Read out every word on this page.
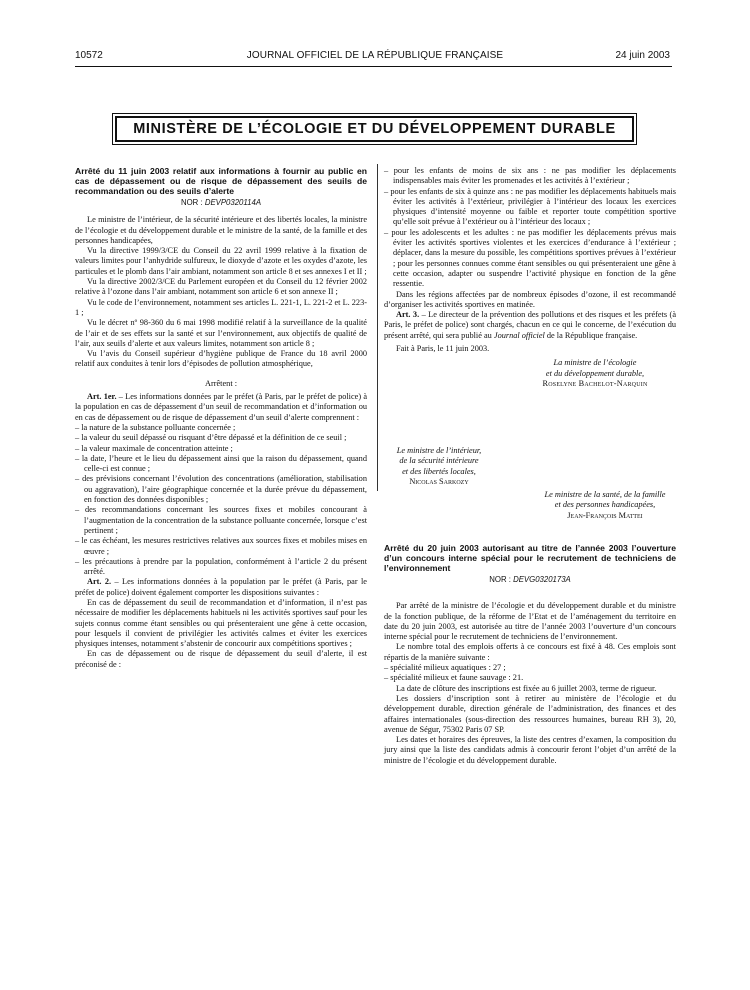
10572	JOURNAL OFFICIEL DE LA RÉPUBLIQUE FRANÇAISE	24 juin 2003
MINISTÈRE DE L’ÉCOLOGIE ET DU DÉVELOPPEMENT DURABLE
Arrêté du 11 juin 2003 relatif aux informations à fournir au public en cas de dépassement ou de risque de dépassement des seuils de recommandation ou des seuils d’alerte
NOR : DEVP0320114A

Le ministre de l’intérieur, de la sécurité intérieure et des libertés locales, la ministre de l’écologie et du développement durable et le ministre de la santé, de la famille et des personnes handicapées,

Vu la directive 1999/3/CE du Conseil du 22 avril 1999 relative à la fixation de valeurs limites pour l’anhydride sulfureux, le dioxyde d’azote et les oxydes d’azote, les particules et le plomb dans l’air ambiant, notamment son article 8 et ses annexes I et II ;

Vu la directive 2002/3/CE du Parlement européen et du Conseil du 12 février 2002 relative à l’ozone dans l’air ambiant, notamment son article 6 et son annexe II ;

Vu le code de l’environnement, notamment ses articles L. 221-1, L. 221-2 et L. 223-1 ;

Vu le décret nº 98-360 du 6 mai 1998 modifié relatif à la surveillance de la qualité de l’air et de ses effets sur la santé et sur l’environnement, aux objectifs de qualité de l’air, aux seuils d’alerte et aux valeurs limites, notamment son article 8 ;

Vu l’avis du Conseil supérieur d’hygiène publique de France du 18 avril 2000 relatif aux conduites à tenir lors d’épisodes de pollution atmosphérique,

Arrêtent :

Art. 1er. – Les informations données par le préfet (à Paris, par le préfet de police) à la population en cas de dépassement d’un seuil de recommandation et d’information ou en cas de dépassement ou de risque de dépassement d’un seuil d’alerte comprennent :

– la nature de la substance polluante concernée ;
– la valeur du seuil dépassé ou risquant d’être dépassé et la définition de ce seuil ;
– la valeur maximale de concentration atteinte ;
– la date, l’heure et le lieu du dépassement ainsi que la raison du dépassement, quand celle-ci est connue ;
– des prévisions concernant l’évolution des concentrations (amélioration, stabilisation ou aggravation), l’aire géographique concernée et la durée prévue du dépassement, en fonction des données disponibles ;
– des recommandations concernant les sources fixes et mobiles concourant à l’augmentation de la concentration de la substance polluante concernée, lorsque c’est pertinent ;
– le cas échéant, les mesures restrictives relatives aux sources fixes et mobiles mises en œuvre ;
– les précautions à prendre par la population, conformément à l’article 2 du présent arrêté.

Art. 2. – Les informations données à la population par le préfet (à Paris, par le préfet de police) doivent également comporter les dispositions suivantes :

En cas de dépassement du seuil de recommandation et d’information, il n’est pas nécessaire de modifier les déplacements habituels ni les activités sportives sauf pour les sujets connus comme étant sensibles ou qui présenteraient une gêne à cette occasion, pour lesquels il convient de privilégier les activités calmes et éviter les exercices physiques intenses, notamment s’abstenir de concourir aux compétitions sportives ;

En cas de dépassement ou de risque de dépassement du seuil d’alerte, il est préconisé de :

– pour les enfants de moins de six ans : ne pas modifier les déplacements indispensables mais éviter les promenades et les activités à l’extérieur ;
– pour les enfants de six à quinze ans : ne pas modifier les déplacements habituels mais éviter les activités à l’extérieur, privilégier à l’intérieur des locaux les exercices physiques d’intensité moyenne ou faible et reporter toute compétition sportive qu’elle soit prévue à l’extérieur ou à l’intérieur des locaux ;
– pour les adolescents et les adultes : ne pas modifier les déplacements prévus mais éviter les activités sportives violentes et les exercices d’endurance à l’extérieur ; déplacer, dans la mesure du possible, les compétitions sportives prévues à l’extérieur ; pour les personnes connues comme étant sensibles ou qui présenteraient une gêne à cette occasion, adapter ou suspendre l’activité physique en fonction de la gêne ressentie.

Dans les régions affectées par de nombreux épisodes d’ozone, il est recommandé d’organiser les activités sportives en matinée.

Art. 3. – Le directeur de la prévention des pollutions et des risques et les préfets (à Paris, le préfet de police) sont chargés, chacun en ce qui le concerne, de l’exécution du présent arrêté, qui sera publié au Journal officiel de la République française.

Fait à Paris, le 11 juin 2003.

La ministre de l’écologie
et du développement durable,
Roselyne Bachelot-Narquin
Le ministre de l’intérieur,
de la sécurité intérieure
et des libertés locales,
Nicolas Sarkozy
Le ministre de la santé, de la famille
et des personnes handicapées,
Jean-François Mattei
Arrêté du 20 juin 2003 autorisant au titre de l’année 2003 l’ouverture d’un concours interne spécial pour le recrutement de techniciens de l’environnement
NOR : DEVG0320173A

Par arrêté de la ministre de l’écologie et du développement durable et du ministre de la fonction publique, de la réforme de l’Etat et de l’aménagement du territoire en date du 20 juin 2003, est autorisée au titre de l’année 2003 l’ouverture d’un concours interne spécial pour le recrutement de techniciens de l’environnement.

Le nombre total des emplois offerts à ce concours est fixé à 48. Ces emplois sont répartis de la manière suivante :

– spécialité milieux aquatiques : 27 ;
– spécialité milieux et faune sauvage : 21.

La date de clôture des inscriptions est fixée au 6 juillet 2003, terme de rigueur.

Les dossiers d’inscription sont à retirer au ministère de l’écologie et du développement durable, direction générale de l’administration, des finances et des affaires internationales (sous-direction des ressources humaines, bureau RH 3), 20, avenue de Ségur, 75302 Paris 07 SP.

Les dates et horaires des épreuves, la liste des centres d’examen, la composition du jury ainsi que la liste des candidats admis à concourir feront l’objet d’un arrêté de la ministre de l’écologie et du développement durable.
